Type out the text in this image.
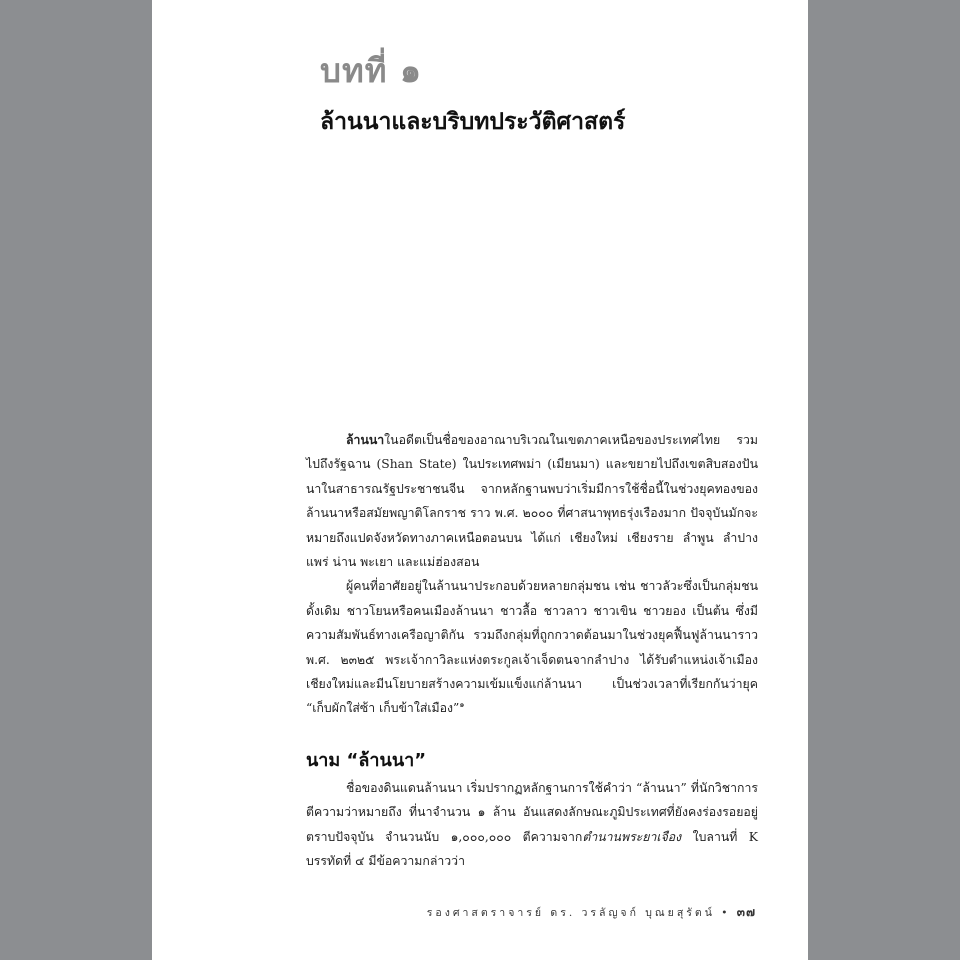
บทที่ ๑
ล้านนาและบริบทประวัติศาสตร์

ล้านนาในอดีตเป็นชื่อของอาณาบริเวณในเขตภาคเหนือของประเทศไทย รวมไปถึงรัฐฉาน (Shan State) ในประเทศพม่า (เมียนมา) และขยายไปถึงเขตสิบสองปันนาในสาธารณรัฐประชาชนจีน จากหลักฐานพบว่าเริ่มมีการใช้ชื่อนี้ในช่วงยุคทองของล้านนาหรือสมัยพญาติโลกราช ราว พ.ศ. ๒๐๐๐ ที่ศาสนาพุทธรุ่งเรืองมาก ปัจจุบันมักจะหมายถึงแปดจังหวัดทางภาคเหนือตอนบน ได้แก่ เชียงใหม่ เชียงราย ลำพูน ลำปาง แพร่ น่าน พะเยา และแม่ฮ่องสอน

ผู้คนที่อาศัยอยู่ในล้านนาประกอบด้วยหลายกลุ่มชน เช่น ชาวลัวะซึ่งเป็นกลุ่มชนดั้งเดิม ชาวโยนหรือคนเมืองล้านนา ชาวลื้อ ชาวลาว ชาวเขิน ชาวยอง เป็นต้น ซึ่งมีความสัมพันธ์ทางเครือญาติกัน รวมถึงกลุ่มที่ถูกกวาดต้อนมาในช่วงยุคฟื้นฟูล้านนาราว พ.ศ. ๒๓๒๕ พระเจ้ากาวิละแห่งตระกูลเจ้าเจ็ดตนจากลำปาง ได้รับตำแหน่งเจ้าเมืองเชียงใหม่และมีนโยบายสร้างความเข้มแข็งแก่ล้านนา เป็นช่วงเวลาที่เรียกกันว่ายุค “เก็บผักใส่ซ้า เก็บข้าใส่เมือง”$^๑$

นาม “ล้านนา”

ชื่อของดินแดนล้านนา เริ่มปรากฏหลักฐานการใช้คำว่า “ล้านนา” ที่นักวิชาการตีความว่าหมายถึง ที่นาจำนวน ๑ ล้าน อันแสดงลักษณะภูมิประเทศที่ยังคงร่องรอยอยู่ตราบปัจจุบัน จำนวนนับ ๑,๐๐๐,๐๐๐ ตีความจากตำนานพระยาเจือง ใบลานที่ K บรรทัดที่ ๔ มีข้อความกล่าวว่า

รองศาสตราจารย์ ดร. วรลัญจก์ บุณยสุรัตน์ • ๓๗
